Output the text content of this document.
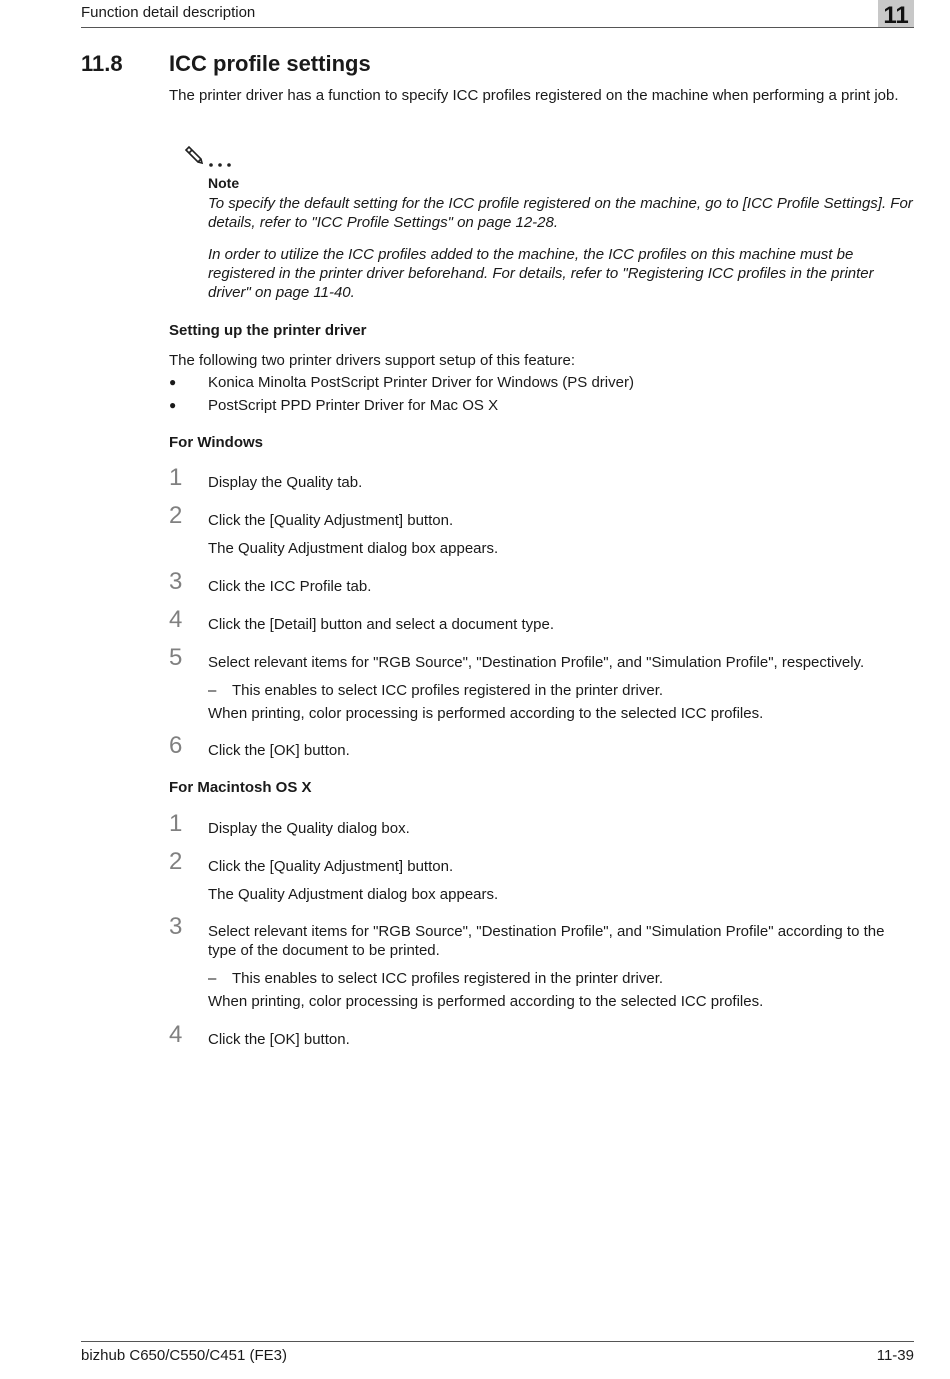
Function detail description	11
11.8 ICC profile settings
The printer driver has a function to specify ICC profiles registered on the machine when performing a print job.
Note
To specify the default setting for the ICC profile registered on the machine, go to [ICC Profile Settings]. For details, refer to "ICC Profile Settings" on page 12-28.
In order to utilize the ICC profiles added to the machine, the ICC profiles on this machine must be registered in the printer driver beforehand. For details, refer to "Registering ICC profiles in the printer driver" on page 11-40.
Setting up the printer driver
The following two printer drivers support setup of this feature:
● Konica Minolta PostScript Printer Driver for Windows (PS driver)
● PostScript PPD Printer Driver for Mac OS X
For Windows
1 Display the Quality tab.
2 Click the [Quality Adjustment] button.
The Quality Adjustment dialog box appears.
3 Click the ICC Profile tab.
4 Click the [Detail] button and select a document type.
5 Select relevant items for "RGB Source", "Destination Profile", and "Simulation Profile", respectively.
– This enables to select ICC profiles registered in the printer driver.
When printing, color processing is performed according to the selected ICC profiles.
6 Click the [OK] button.
For Macintosh OS X
1 Display the Quality dialog box.
2 Click the [Quality Adjustment] button.
The Quality Adjustment dialog box appears.
3 Select relevant items for "RGB Source", "Destination Profile", and "Simulation Profile" according to the type of the document to be printed.
– This enables to select ICC profiles registered in the printer driver.
When printing, color processing is performed according to the selected ICC profiles.
4 Click the [OK] button.
bizhub C650/C550/C451 (FE3)	11-39
